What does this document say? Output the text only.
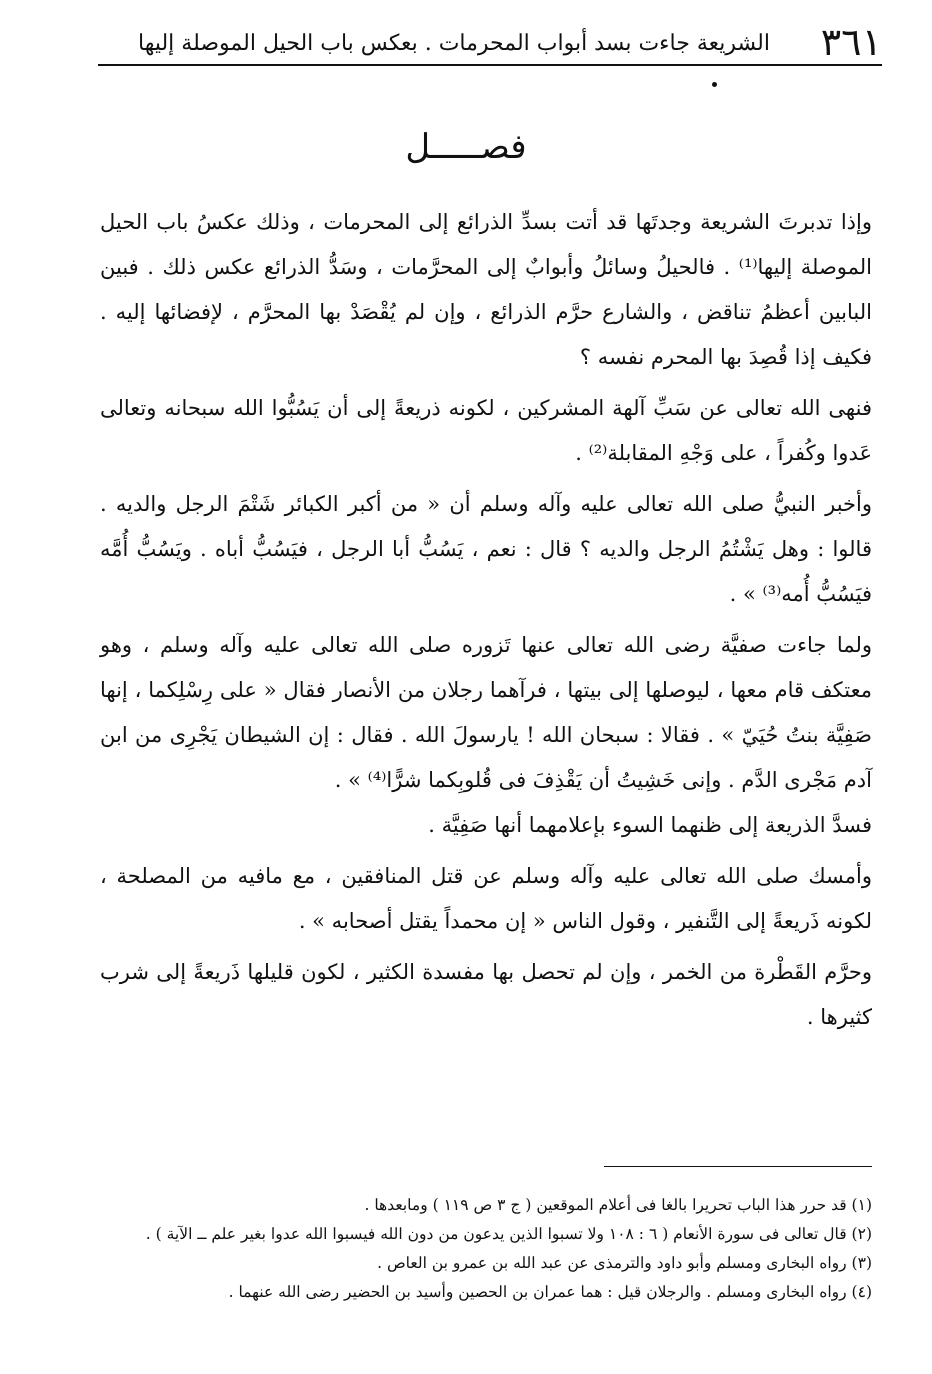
٣٦١
الشريعة جاءت بسد أبواب المحرمات . بعكس باب الحيل الموصلة إليها
فصـــــل

وإذا تدبرتَ الشريعة وجدتَها قد أتت بسدِّ الذرائع إلى المحرمات ، وذلك عكسُ باب الحيل الموصلة إليها⁽¹⁾ . فالحيلُ وسائلُ وأبوابٌ إلى المحرَّمات ، وسَدُّ الذرائع عكس ذلك . فبين البابين أعظمُ تناقض ، والشارع حرَّم الذرائع ، وإن لم يُقْصَدْ بها المحرَّم ، لإفضائها إليه . فكيف إذا قُصِدَ بها المحرم نفسه ؟

فنهى الله تعالى عن سَبِّ آلهة المشركين ، لكونه ذريعةً إلى أن يَسُبُّوا الله سبحانه وتعالى عَدوا وكُفراً ، على وَجْهِ المقابلة⁽²⁾ .

وأخبر النبيُّ صلى الله تعالى عليه وآله وسلم أن « من أكبر الكبائر شَتْمَ الرجل والديه . قالوا : وهل يَشْتُمُ الرجل والديه ؟ قال : نعم ، يَسُبُّ أبا الرجل ، فيَسُبُّ أباه . ويَسُبُّ أُمَّه فيَسُبُّ أُمه⁽³⁾ » .

ولما جاءت صفيَّة رضى الله تعالى عنها تَزوره صلى الله تعالى عليه وآله وسلم ، وهو معتكف قام معها ، ليوصلها إلى بيتها ، فرآهما رجلان من الأنصار فقال « على رِسْلِكما ، إنها صَفِيَّة بنتُ حُيَيّ » . فقالا : سبحان الله ! يارسولَ الله . فقال : إن الشيطان يَجْرِى من ابن آدم مَجْرى الدَّم . وإنى خَشِيتُ أن يَقْذِفَ فى قُلوبِكما شرًّا⁽⁴⁾ » .

فسدَّ الذريعة إلى ظنهما السوء بإعلامهما أنها صَفِيَّة .

وأمسك صلى الله تعالى عليه وآله وسلم عن قتل المنافقين ، مع مافيه من المصلحة ، لكونه ذَريعةً إلى التَّنفير ، وقول الناس « إن محمداً يقتل أصحابه » .

وحرَّم القَطْرة من الخمر ، وإن لم تحصل بها مفسدة الكثير ، لكون قليلها ذَريعةً إلى شرب كثيرها .

(١) قد حرر هذا الباب تحريرا بالغا فى أعلام الموقعين ( ج ٣ ص ١١٩ ) ومابعدها .

(٢) قال تعالى فى سورة الأنعام ( ٦ : ١٠٨ ولا تسبوا الذين يدعون من دون الله فيسبوا الله عدوا بغير علم ــ الآية ) .

(٣) رواه البخارى ومسلم وأبو داود والترمذى عن عبد الله بن عمرو بن العاص .

(٤) رواه البخارى ومسلم . والرجلان قيل : هما عمران بن الحصين وأسيد بن الحضير رضى الله عنهما .
